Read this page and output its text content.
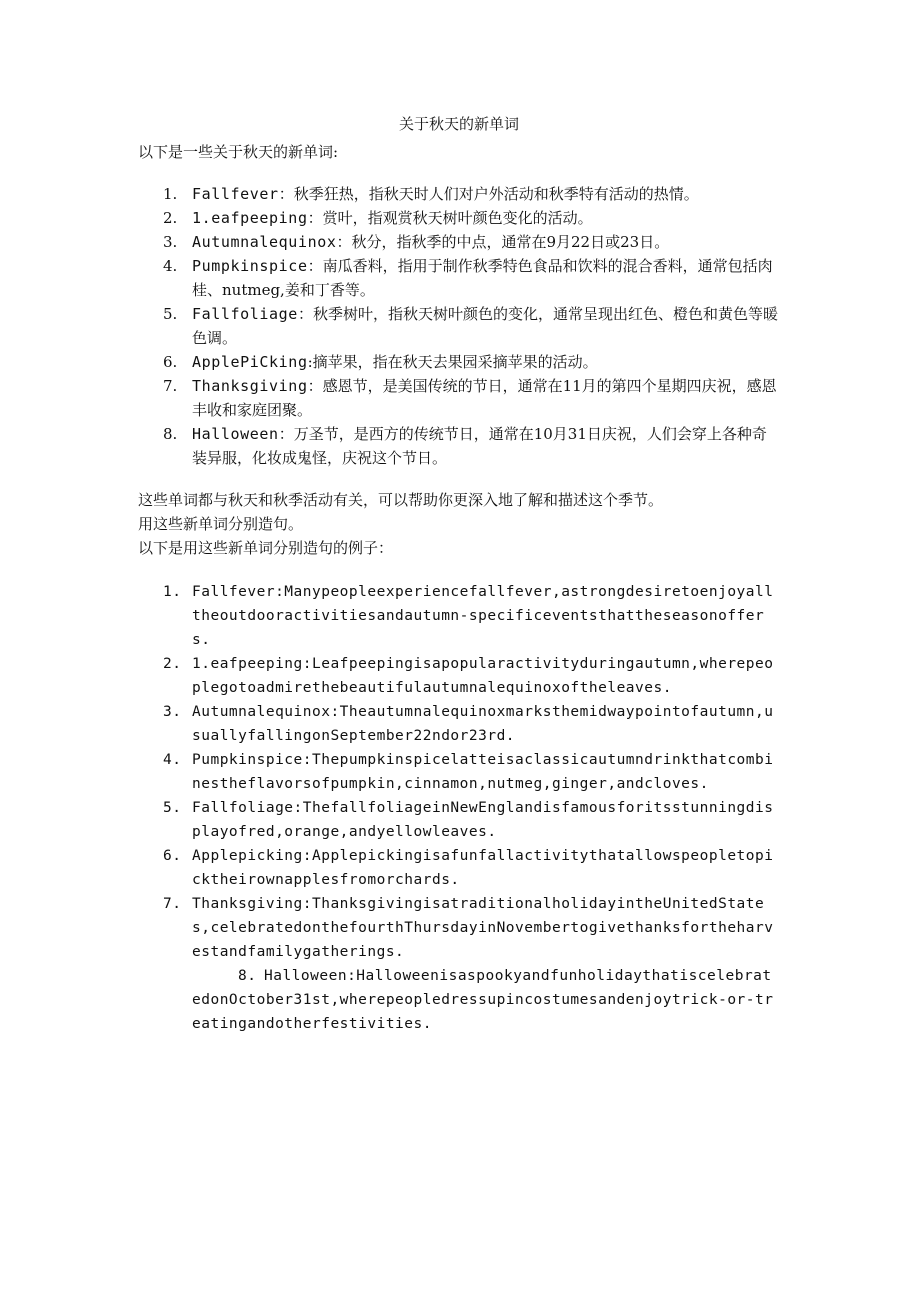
关于秋天的新单词

以下是一些关于秋天的新单词:

1. Fallfever：秋季狂热，指秋天时人们对户外活动和秋季特有活动的热情。
2. 1.eafpeeping：赏叶，指观赏秋天树叶颜色变化的活动。
3. Autumnalequinox：秋分，指秋季的中点，通常在9月22日或23日。
4. Pumpkinspice：南瓜香料，指用于制作秋季特色食品和饮料的混合香料，通常包括肉桂、nutmeg,姜和丁香等。
5. Fallfoliage：秋季树叶，指秋天树叶颜色的变化，通常呈现出红色、橙色和黄色等暖色调。
6. ApplePiCking:摘苹果，指在秋天去果园采摘苹果的活动。
7. Thanksgiving：感恩节，是美国传统的节日，通常在11月的第四个星期四庆祝，感恩丰收和家庭团聚。
8. Halloween：万圣节，是西方的传统节日，通常在10月31日庆祝，人们会穿上各种奇装异服，化妆成鬼怪，庆祝这个节日。

这些单词都与秋天和秋季活动有关，可以帮助你更深入地了解和描述这个季节。

用这些新单词分别造句。

以下是用这些新单词分别造句的例子：

1. Fallfever:Manypeopleexperiencefallfever,astrongdesiretoenjoyalltheoutdooractivitiesandautumn-specificeventsthattheseasonoffers.
2. 1.eafpeeping:Leafpeepingisapopularactivityduringautumn,wherepeoplegotoadmirethebeautifulautumnalequinoxoftheleaves.
3. Autumnalequinox:Theautumnalequinoxmarksthemidwaypointofautumn,usuallyfallingonSeptember22ndor23rd.
4. Pumpkinspice:Thepumpkinspicelatteisaclassicautumndrinkthatcombinestheflavorsofpumpkin,cinnamon,nutmeg,ginger,andcloves.
5. Fallfoliage:ThefallfoliageinNewEnglandisfamousforitsstunningdisplayofred,orange,andyellowleaves.
6. Applepicking:Applepickingisafunfallactivitythatallowspeopletopicktheirownapplesfromorchards.
7. Thanksgiving:ThanksgivingisatraditionalholidayintheUnitedStates,celebratedonthefourthThursdayinNovembertogivethanksfortheharvestandfamilygatherings.
8. Halloween:HalloweenisaspookyandfunholidaythatiscelebratedonOctober31st,wherepeopledressupincostumesandenjoytrick-or-treatingandotherfestivities.
